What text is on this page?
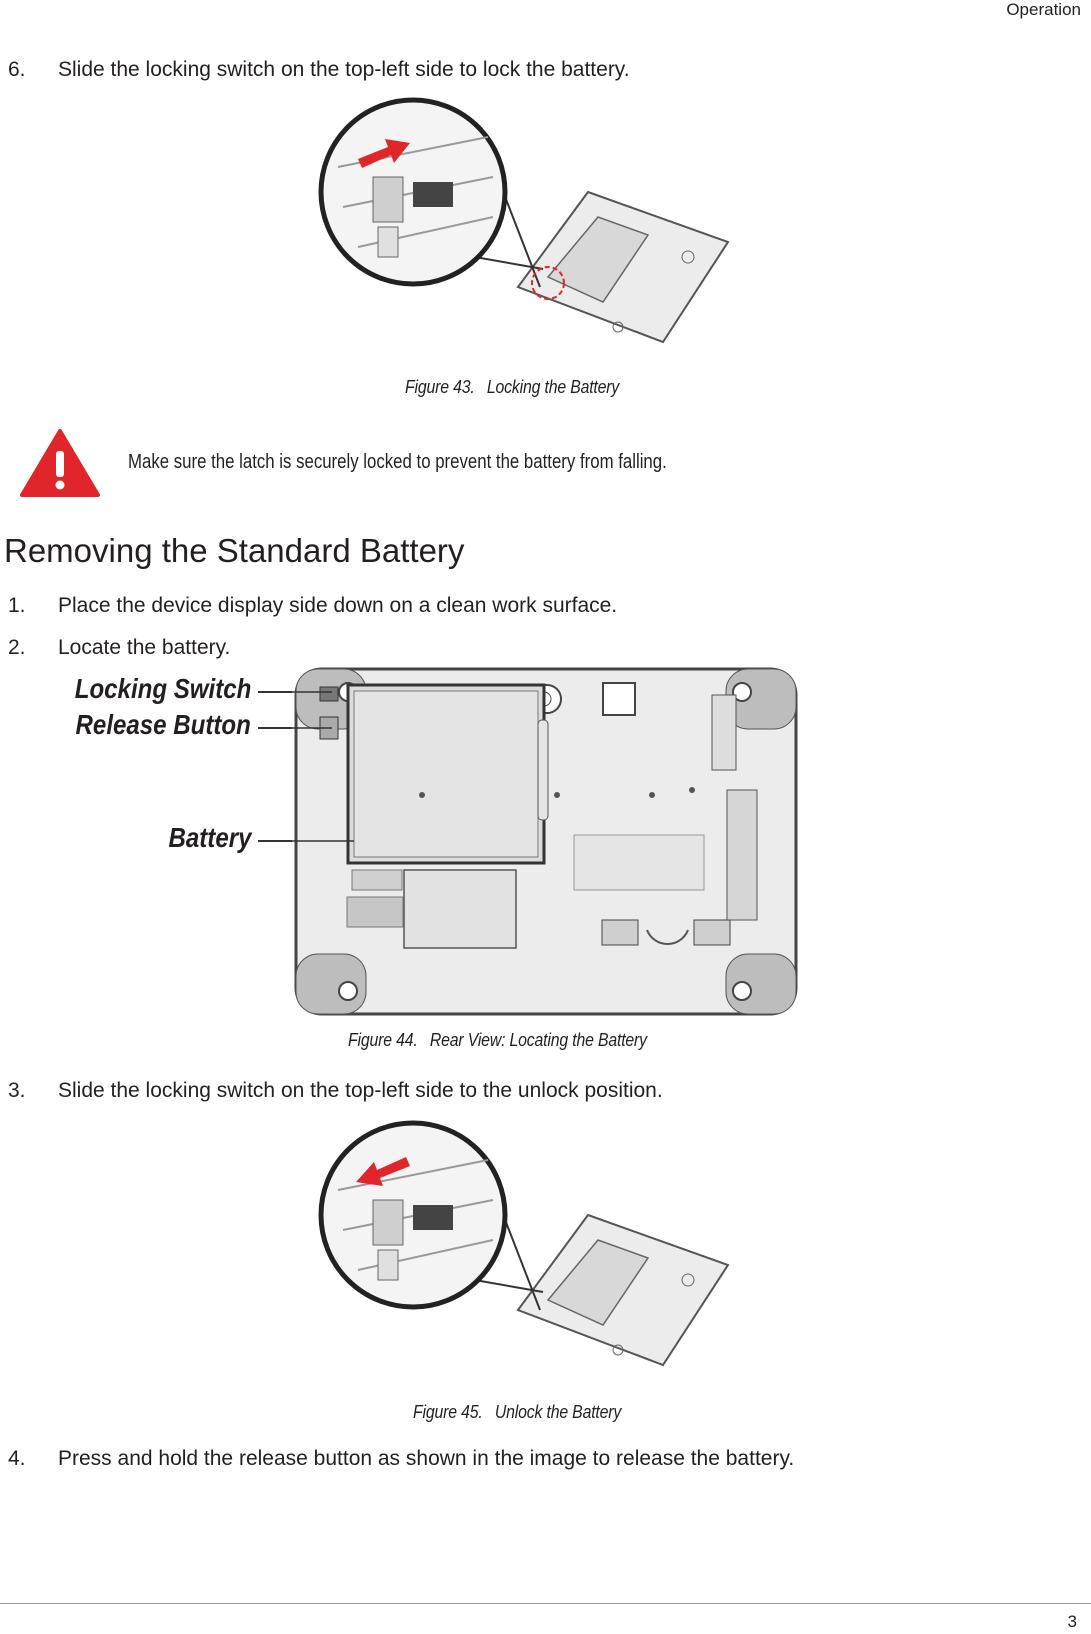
Operation
6. Slide the locking switch on the top-left side to lock the battery.
Figure 43. Locking the Battery
Make sure the latch is securely locked to prevent the battery from falling.
Removing the Standard Battery
1. Place the device display side down on a clean work surface.
2. Locate the battery.
Locking Switch
Release Button
Battery
Figure 44. Rear View: Locating the Battery
3. Slide the locking switch on the top-left side to the unlock position.
Figure 45. Unlock the Battery
4. Press and hold the release button as shown in the image to release the battery.
3
